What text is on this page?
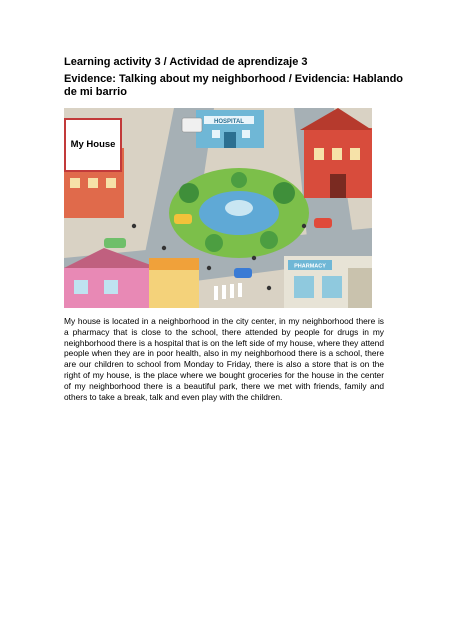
Learning activity 3 / Actividad de aprendizaje 3
Evidence: Talking about my neighborhood / Evidencia: Hablando de mi barrio
HOSPITAL
PHARMACY
My House
My house is located in a neighborhood in the city center, in my neighborhood there is a pharmacy that is close to the school, there attended by people for drugs in my neighborhood there is a hospital that is on the left side of my house, where they attend people when they are in poor health, also in my neighborhood there is a school, there are our children to school from Monday to Friday, there is also a store that is on the right of my house, is the place where we bought groceries for the house in the center of my neighborhood there is a beautiful park, there we met with friends, family and others to take a break, talk and even play with the children.
